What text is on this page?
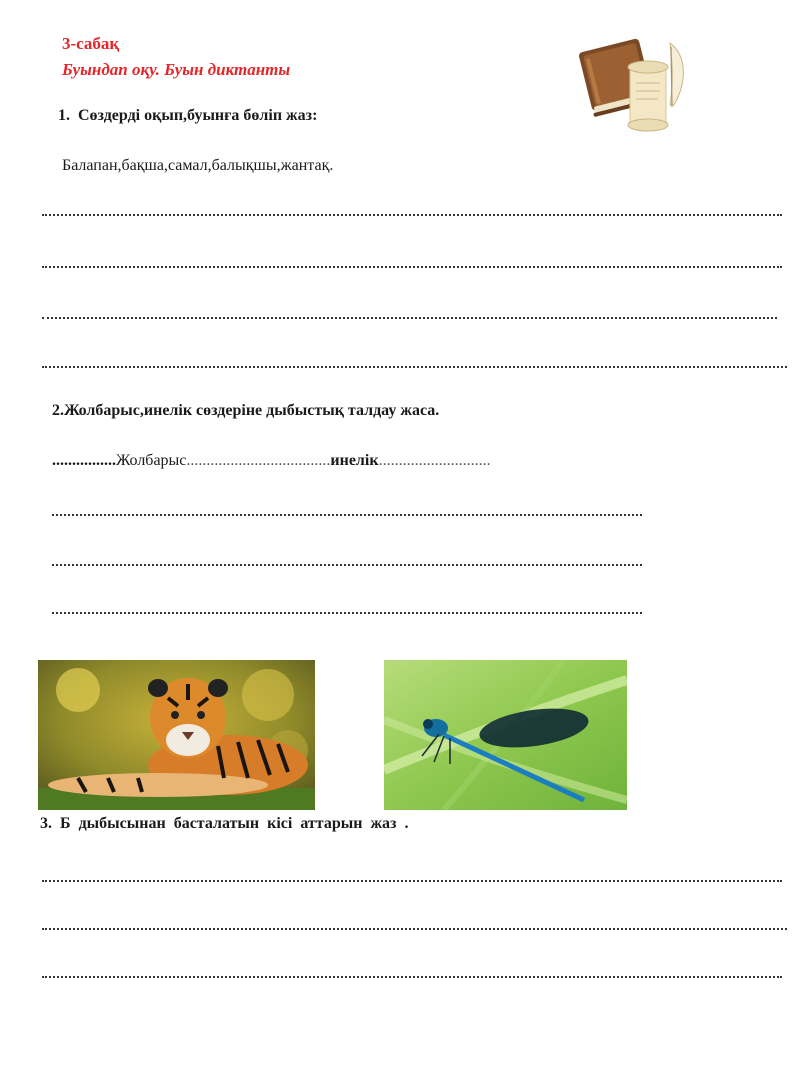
3-сабақ
Буындап оқу. Буын диктанты
1. Сөздерді оқып,буынға бөліп жаз:
Балапан,бақша,самал,балықшы,жантақ.
2.Жолбарыс,инелік сөздеріне дыбыстық талдау жаса.
................Жолбарыс....................................инелік............................
3. Б дыбысынан басталатын кісі аттарын жаз .
